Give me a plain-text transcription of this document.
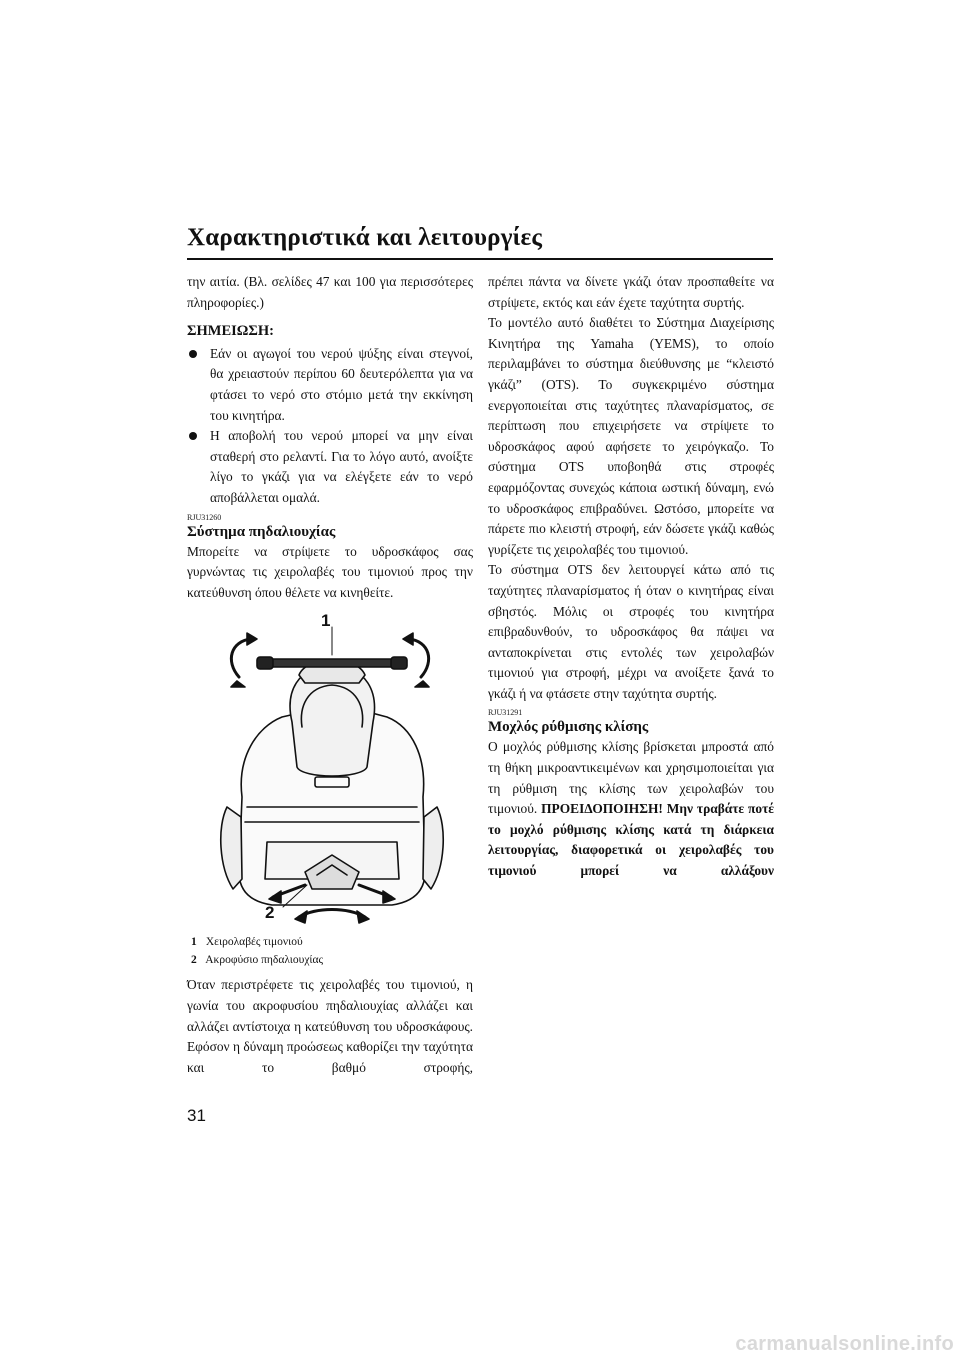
Χαρακτηριστικά και λειτουργίες

την αιτία. (Βλ. σελίδες 47 και 100 για περισσότερες πληροφορίες.)

ΣΗΜΕΙΩΣΗ:

Εάν οι αγωγοί του νερού ψύξης είναι στεγνοί, θα χρειαστούν περίπου 60 δευτερόλεπτα για να φτάσει το νερό στο στόμιο μετά την εκκίνηση του κινητήρα.
Η αποβολή του νερού μπορεί να μην είναι σταθερή στο ρελαντί. Για το λόγο αυτό, ανοίξτε λίγο το γκάζι για να ελέγξετε εάν το νερό αποβάλλεται ομαλά.

RJU31260

Σύστημα πηδαλιουχίας

Μπορείτε να στρίψετε το υδροσκάφος σας γυρνώντας τις χειρολαβές του τιμονιού προς την κατεύθυνση όπου θέλετε να κινηθείτε.

1
2

1 Χειρολαβές τιμονιού
2 Ακροφύσιο πηδαλιουχίας

Όταν περιστρέφετε τις χειρολαβές του τιμονιού, η γωνία του ακροφυσίου πηδαλιουχίας αλλάζει και αλλάζει αντίστοιχα η κατεύθυνση του υδροσκάφους. Εφόσον η δύναμη προώσεως καθορίζει την ταχύτητα και το βαθμό στροφής,

πρέπει πάντα να δίνετε γκάζι όταν προσπαθείτε να στρίψετε, εκτός και εάν έχετε ταχύτητα συρτής.

Το μοντέλο αυτό διαθέτει το Σύστημα Διαχείρισης Κινητήρα της Yamaha (YEMS), το οποίο περιλαμβάνει το σύστημα διεύθυνσης με “κλειστό γκάζι” (OTS). Το συγκεκριμένο σύστημα ενεργοποιείται στις ταχύτητες πλαναρίσματος, σε περίπτωση που επιχειρήσετε να στρίψετε το υδροσκάφος αφού αφήσετε το χειρόγκαζο. Το σύστημα OTS υποβοηθά στις στροφές εφαρμόζοντας συνεχώς κάποια ωστική δύναμη, ενώ το υδροσκάφος επιβραδύνει. Ωστόσο, μπορείτε να πάρετε πιο κλειστή στροφή, εάν δώσετε γκάζι καθώς γυρίζετε τις χειρολαβές του τιμονιού.

Το σύστημα OTS δεν λειτουργεί κάτω από τις ταχύτητες πλαναρίσματος ή όταν ο κινητήρας είναι σβηστός. Μόλις οι στροφές του κινητήρα επιβραδυνθούν, το υδροσκάφος θα πάψει να ανταποκρίνεται στις εντολές των χειρολαβών τιμονιού για στροφή, μέχρι να ανοίξετε ξανά το γκάζι ή να φτάσετε στην ταχύτητα συρτής.

RJU31291

Μοχλός ρύθμισης κλίσης

Ο μοχλός ρύθμισης κλίσης βρίσκεται μπροστά από τη θήκη μικροαντικειμένων και χρησιμοποιείται για τη ρύθμιση της κλίσης των χειρολαβών του τιμονιού. ΠΡΟΕΙΔΟΠΟΙΗΣΗ! Μην τραβάτε ποτέ το μοχλό ρύθμισης κλίσης κατά τη διάρκεια λειτουργίας, διαφορετικά οι χειρολαβές του τιμονιού μπορεί να αλλάξουν

31
carmanualsonline.info
